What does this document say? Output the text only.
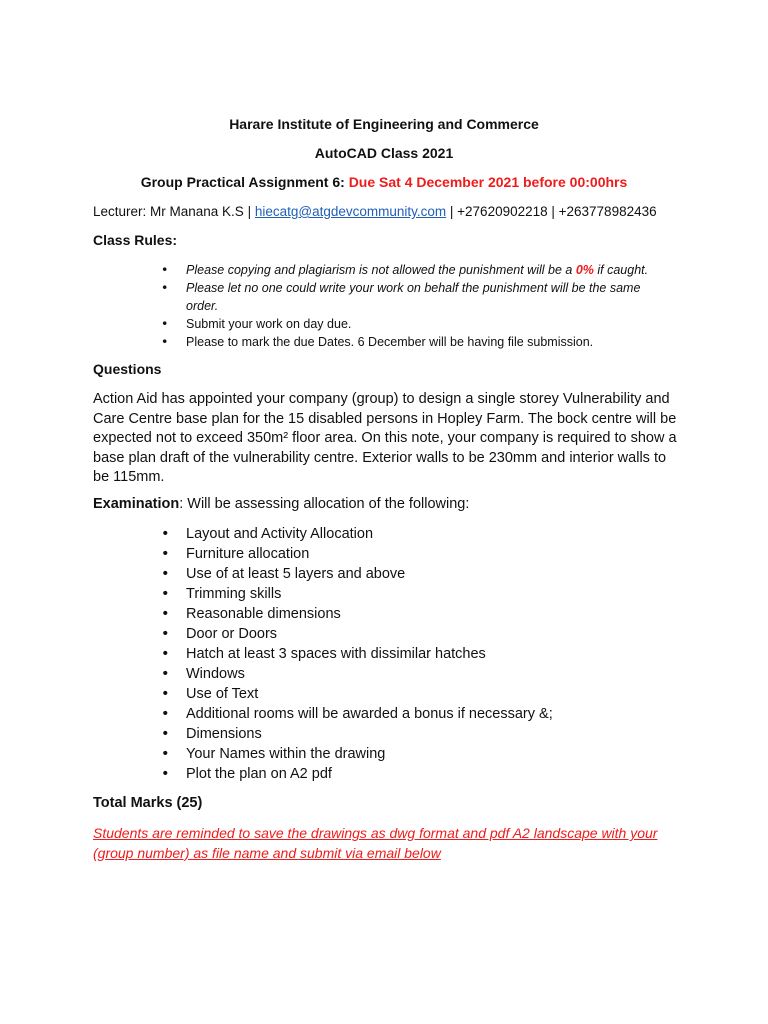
Harare Institute of Engineering and Commerce
AutoCAD Class 2021
Group Practical Assignment 6: Due Sat 4 December 2021 before 00:00hrs
Lecturer: Mr Manana K.S | hiecatg@atgdevcommunity.com | +27620902218 | +263778982436
Class Rules:
• Please copying and plagiarism is not allowed the punishment will be a 0% if caught.
• Please let no one could write your work on behalf the punishment will be the same
order.
• Submit your work on day due.
• Please to mark the due Dates. 6 December will be having file submission.
Questions
Action Aid has appointed your company (group) to design a single storey Vulnerability and Care Centre base plan for the 15 disabled persons in Hopley Farm. The bock centre will be expected not to exceed 350m² floor area. On this note, your company is required to show a base plan draft of the vulnerability centre. Exterior walls to be 230mm and interior walls to be 115mm.
Examination: Will be assessing allocation of the following:
• Layout and Activity Allocation
• Furniture allocation
• Use of at least 5 layers and above
• Trimming skills
• Reasonable dimensions
• Door or Doors
• Hatch at least 3 spaces with dissimilar hatches
• Windows
• Use of Text
• Additional rooms will be awarded a bonus if necessary &;
• Dimensions
• Your Names within the drawing
• Plot the plan on A2 pdf
Total Marks (25)
Students are reminded to save the drawings as dwg format and pdf A2 landscape with your (group number) as file name and submit via email below
